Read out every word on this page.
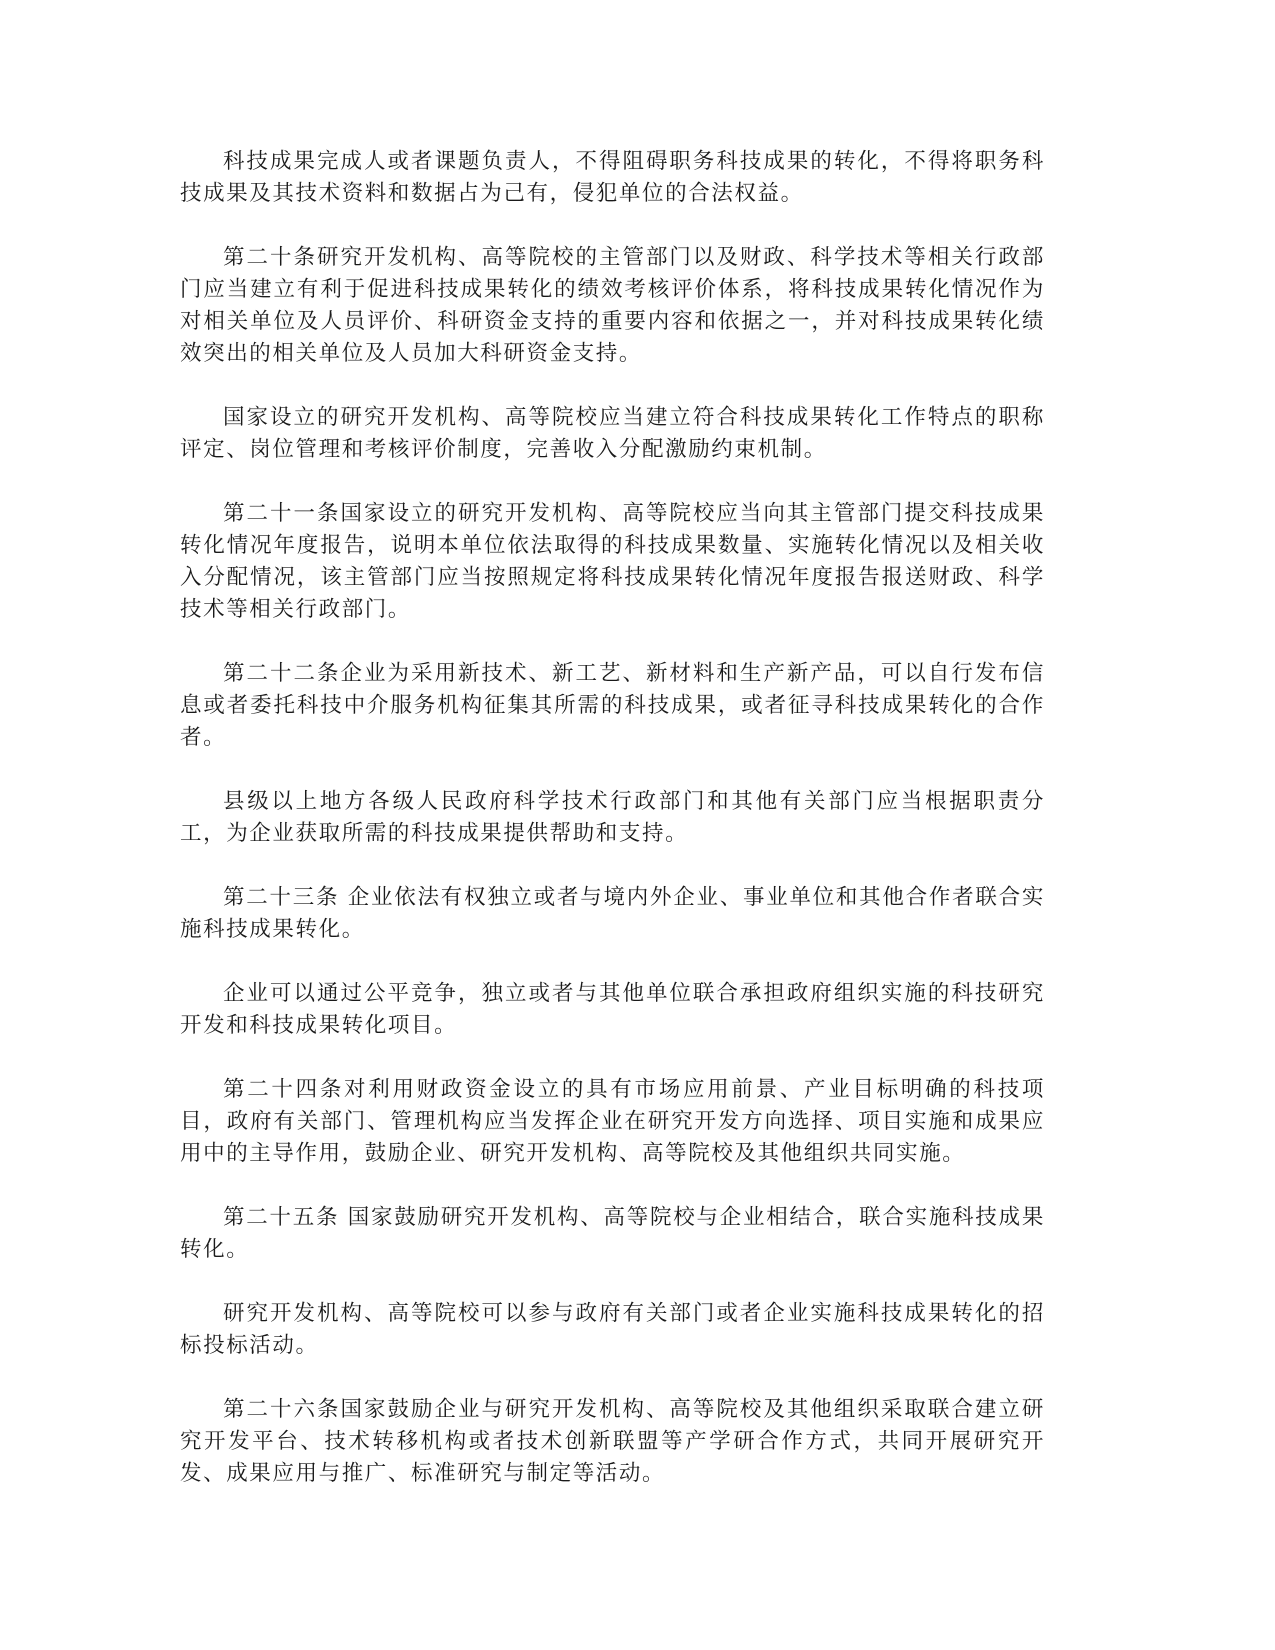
科技成果完成人或者课题负责人，不得阻碍职务科技成果的转化，不得将职务科技成果及其技术资料和数据占为己有，侵犯单位的合法权益。

第二十条研究开发机构、高等院校的主管部门以及财政、科学技术等相关行政部门应当建立有利于促进科技成果转化的绩效考核评价体系，将科技成果转化情况作为对相关单位及人员评价、科研资金支持的重要内容和依据之一，并对科技成果转化绩效突出的相关单位及人员加大科研资金支持。

国家设立的研究开发机构、高等院校应当建立符合科技成果转化工作特点的职称评定、岗位管理和考核评价制度，完善收入分配激励约束机制。

第二十一条国家设立的研究开发机构、高等院校应当向其主管部门提交科技成果转化情况年度报告，说明本单位依法取得的科技成果数量、实施转化情况以及相关收入分配情况，该主管部门应当按照规定将科技成果转化情况年度报告报送财政、科学技术等相关行政部门。

第二十二条企业为采用新技术、新工艺、新材料和生产新产品，可以自行发布信息或者委托科技中介服务机构征集其所需的科技成果，或者征寻科技成果转化的合作者。

县级以上地方各级人民政府科学技术行政部门和其他有关部门应当根据职责分工，为企业获取所需的科技成果提供帮助和支持。

第二十三条 企业依法有权独立或者与境内外企业、事业单位和其他合作者联合实施科技成果转化。

企业可以通过公平竞争，独立或者与其他单位联合承担政府组织实施的科技研究开发和科技成果转化项目。

第二十四条对利用财政资金设立的具有市场应用前景、产业目标明确的科技项目，政府有关部门、管理机构应当发挥企业在研究开发方向选择、项目实施和成果应用中的主导作用，鼓励企业、研究开发机构、高等院校及其他组织共同实施。

第二十五条 国家鼓励研究开发机构、高等院校与企业相结合，联合实施科技成果转化。

研究开发机构、高等院校可以参与政府有关部门或者企业实施科技成果转化的招标投标活动。

第二十六条国家鼓励企业与研究开发机构、高等院校及其他组织采取联合建立研究开发平台、技术转移机构或者技术创新联盟等产学研合作方式，共同开展研究开发、成果应用与推广、标准研究与制定等活动。
